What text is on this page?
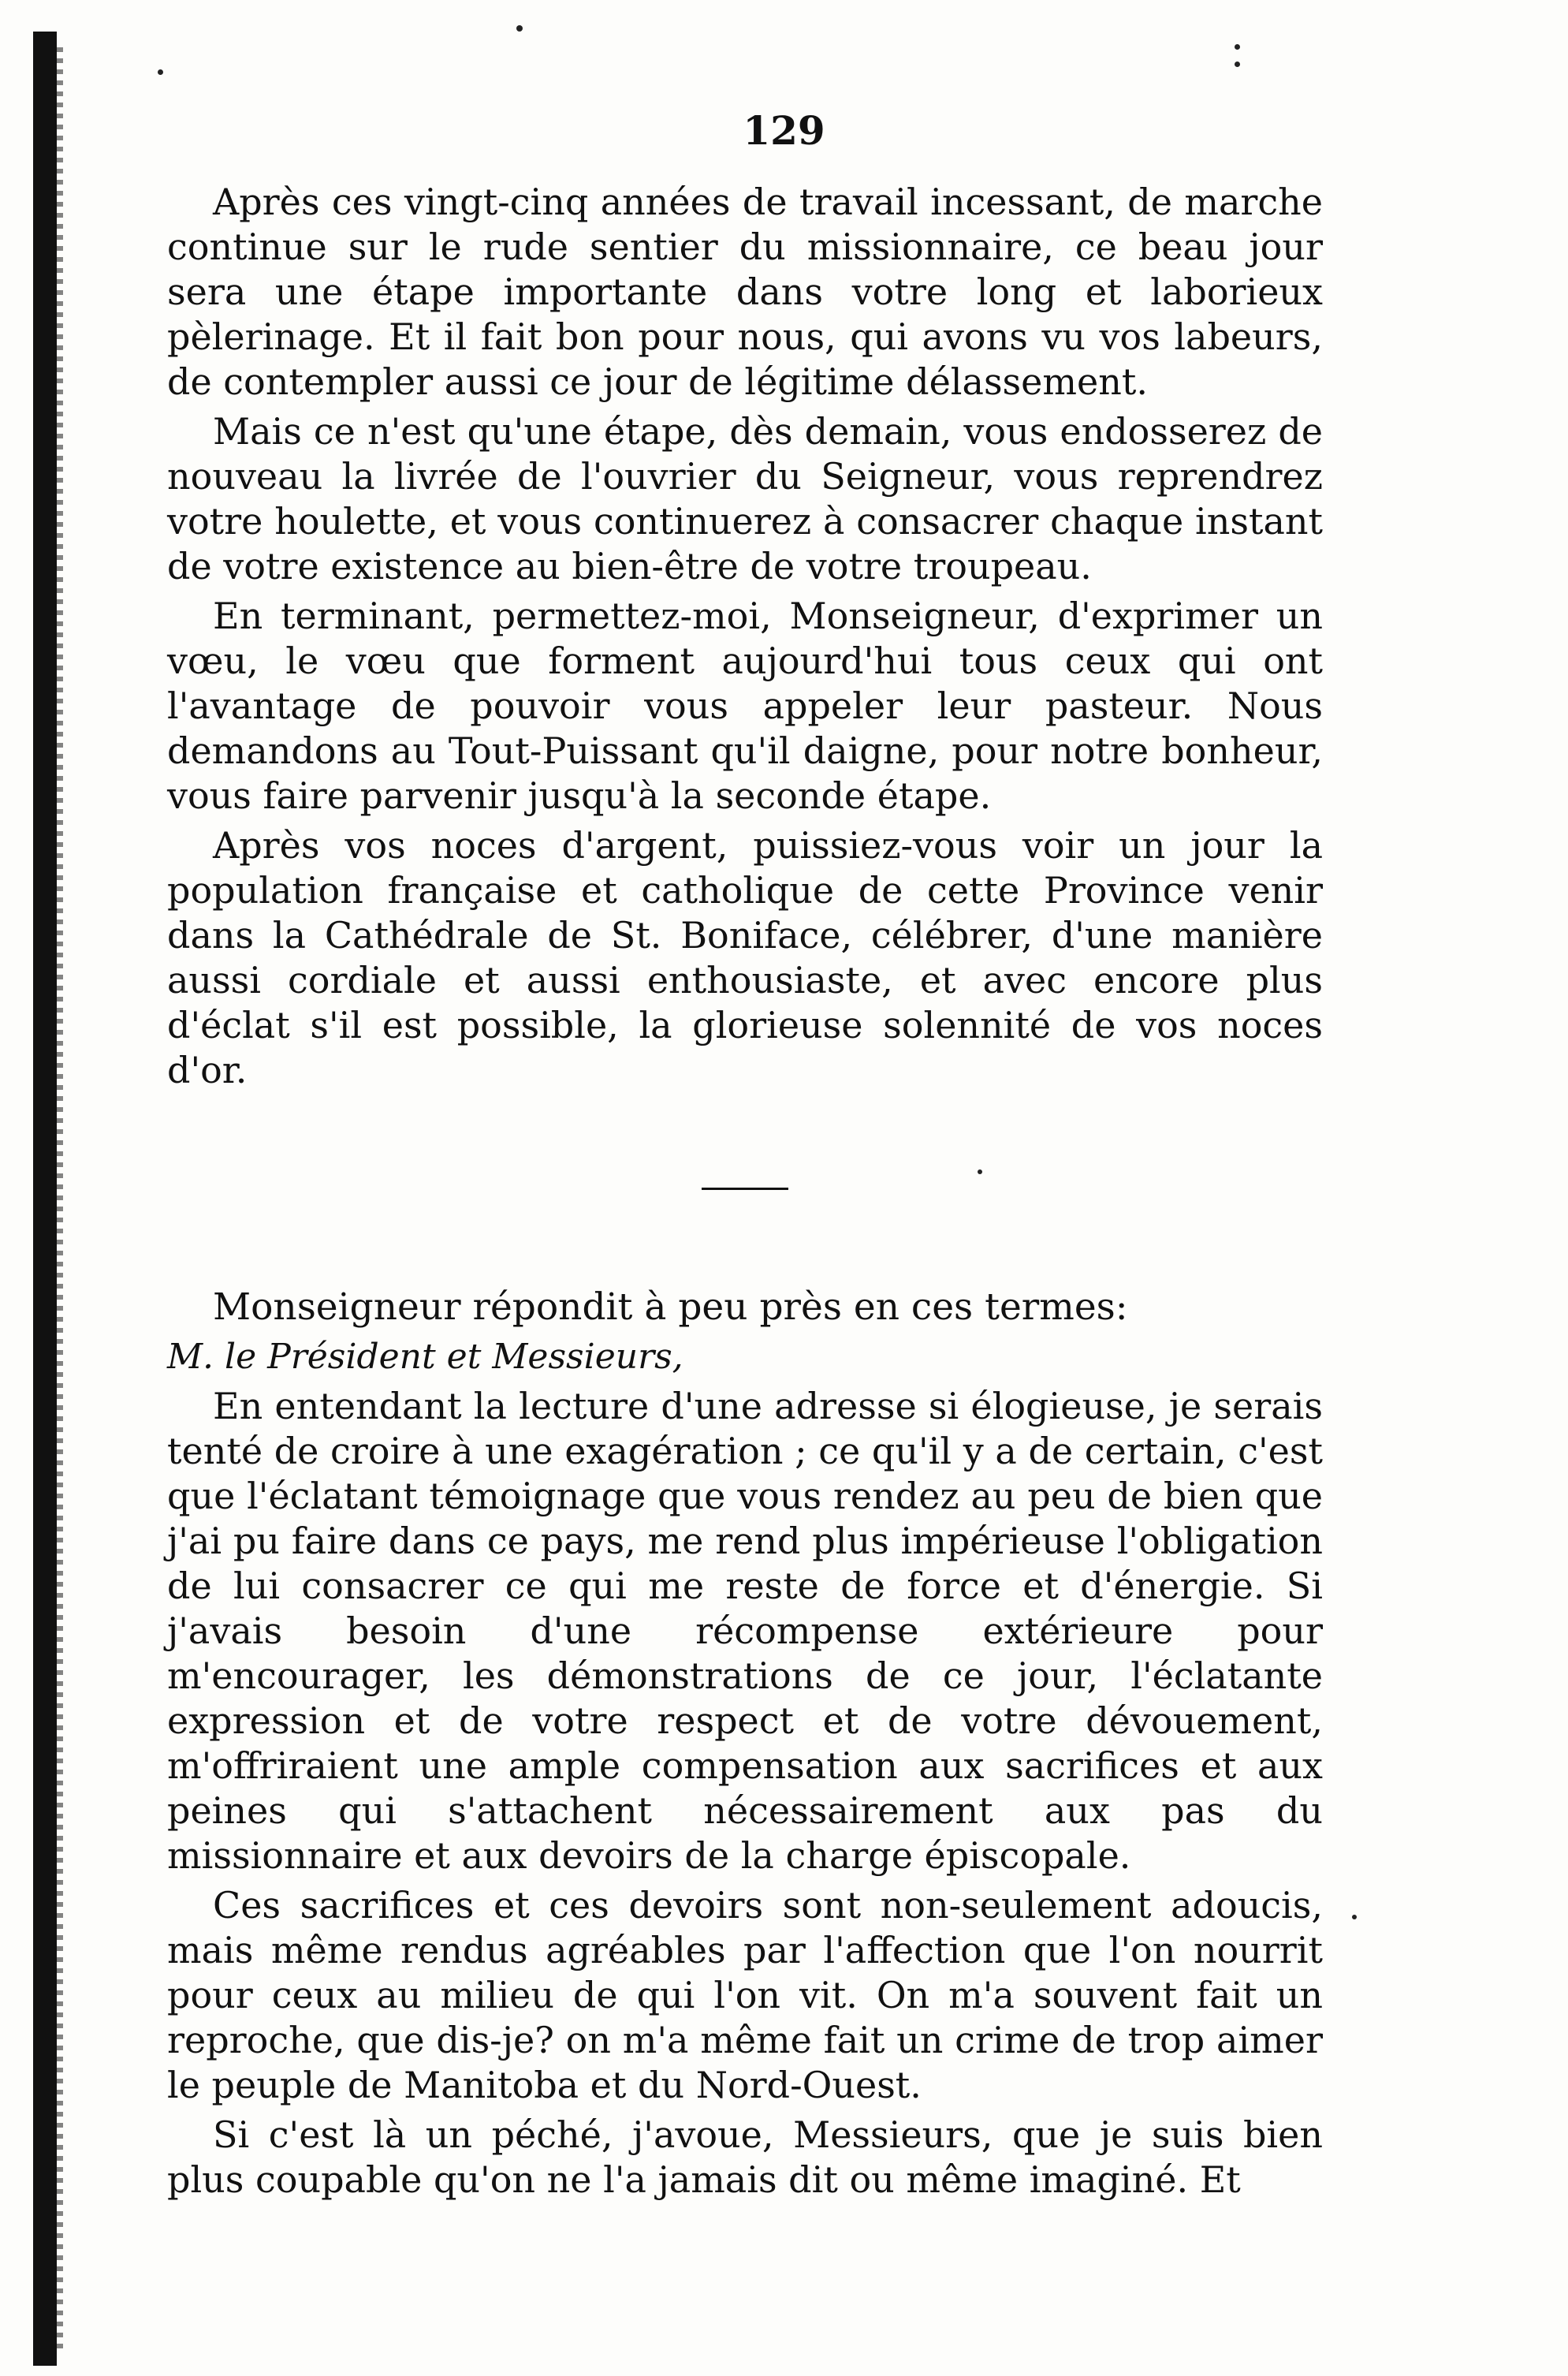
129

Après ces vingt-cinq années de travail incessant, de marche continue sur le rude sentier du missionnaire, ce beau jour sera une étape importante dans votre long et laborieux pèlerinage. Et il fait bon pour nous, qui avons vu vos labeurs, de contempler aussi ce jour de légitime délassement.

Mais ce n'est qu'une étape, dès demain, vous endosserez de nouveau la livrée de l'ouvrier du Seigneur, vous reprendrez votre houlette, et vous continuerez à consacrer chaque instant de votre existence au bien-être de votre troupeau.

En terminant, permettez-moi, Monseigneur, d'exprimer un vœu, le vœu que forment aujourd'hui tous ceux qui ont l'avantage de pouvoir vous appeler leur pasteur. Nous demandons au Tout-Puissant qu'il daigne, pour notre bonheur, vous faire parvenir jusqu'à la seconde étape.

Après vos noces d'argent, puissiez-vous voir un jour la population française et catholique de cette Province venir dans la Cathédrale de St. Boniface, célébrer, d'une manière aussi cordiale et aussi enthousiaste, et avec encore plus d'éclat s'il est possible, la glorieuse solennité de vos noces d'or.

Monseigneur répondit à peu près en ces termes:

M. le Président et Messieurs,

En entendant la lecture d'une adresse si élogieuse, je serais tenté de croire à une exagération ; ce qu'il y a de certain, c'est que l'éclatant témoignage que vous rendez au peu de bien que j'ai pu faire dans ce pays, me rend plus impérieuse l'obligation de lui consacrer ce qui me reste de force et d'énergie. Si j'avais besoin d'une récompense extérieure pour m'encourager, les démonstrations de ce jour, l'éclatante expression et de votre respect et de votre dévouement, m'offriraient une ample compensation aux sacrifices et aux peines qui s'attachent nécessairement aux pas du missionnaire et aux devoirs de la charge épiscopale.

Ces sacrifices et ces devoirs sont non-seulement adoucis, mais même rendus agréables par l'affection que l'on nourrit pour ceux au milieu de qui l'on vit. On m'a souvent fait un reproche, que dis-je? on m'a même fait un crime de trop aimer le peuple de Manitoba et du Nord-Ouest.

Si c'est là un péché, j'avoue, Messieurs, que je suis bien plus coupable qu'on ne l'a jamais dit ou même imaginé. Et
